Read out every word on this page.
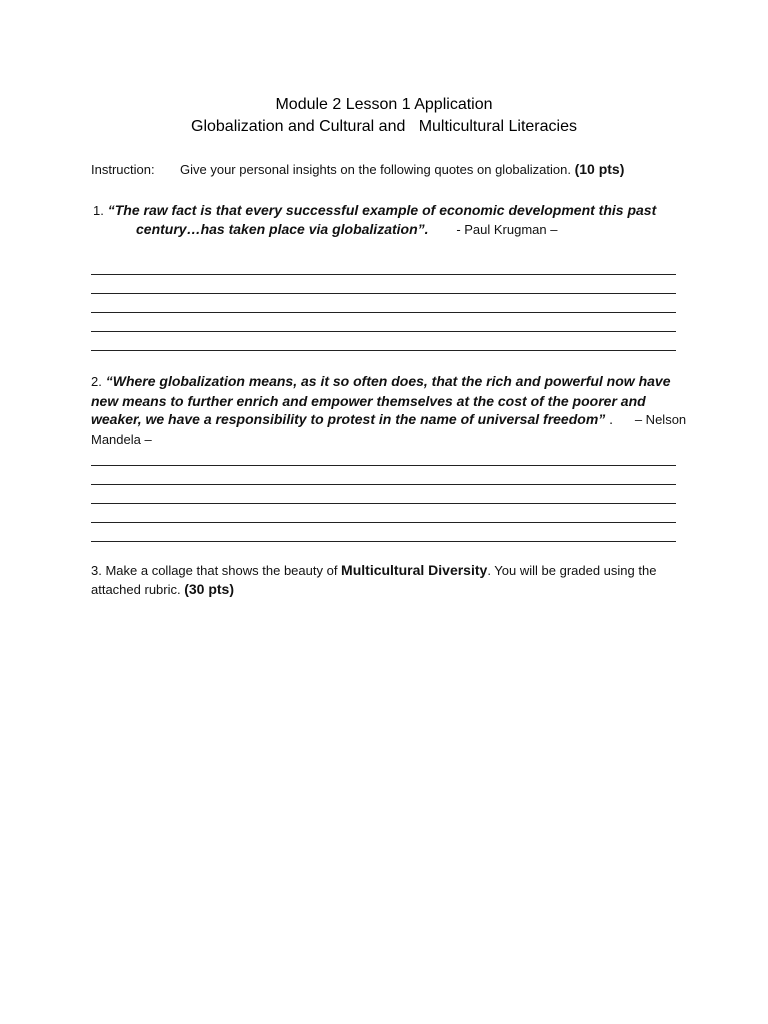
Module 2 Lesson 1 Application
Globalization and Cultural and   Multicultural Literacies
Instruction: Give your personal insights on the following quotes on globalization. (10 pts)
1. “The raw fact is that every successful example of economic development this past
century…has taken place via globalization”. - Paul Krugman –
2. “Where globalization means, as it so often does, that the rich and powerful now have new means to further enrich and empower themselves at the cost of the poorer and weaker, we have a responsibility to protest in the name of universal freedom” . – Nelson Mandela –
3. Make a collage that shows the beauty of Multicultural Diversity. You will be graded using the attached rubric. (30 pts)
